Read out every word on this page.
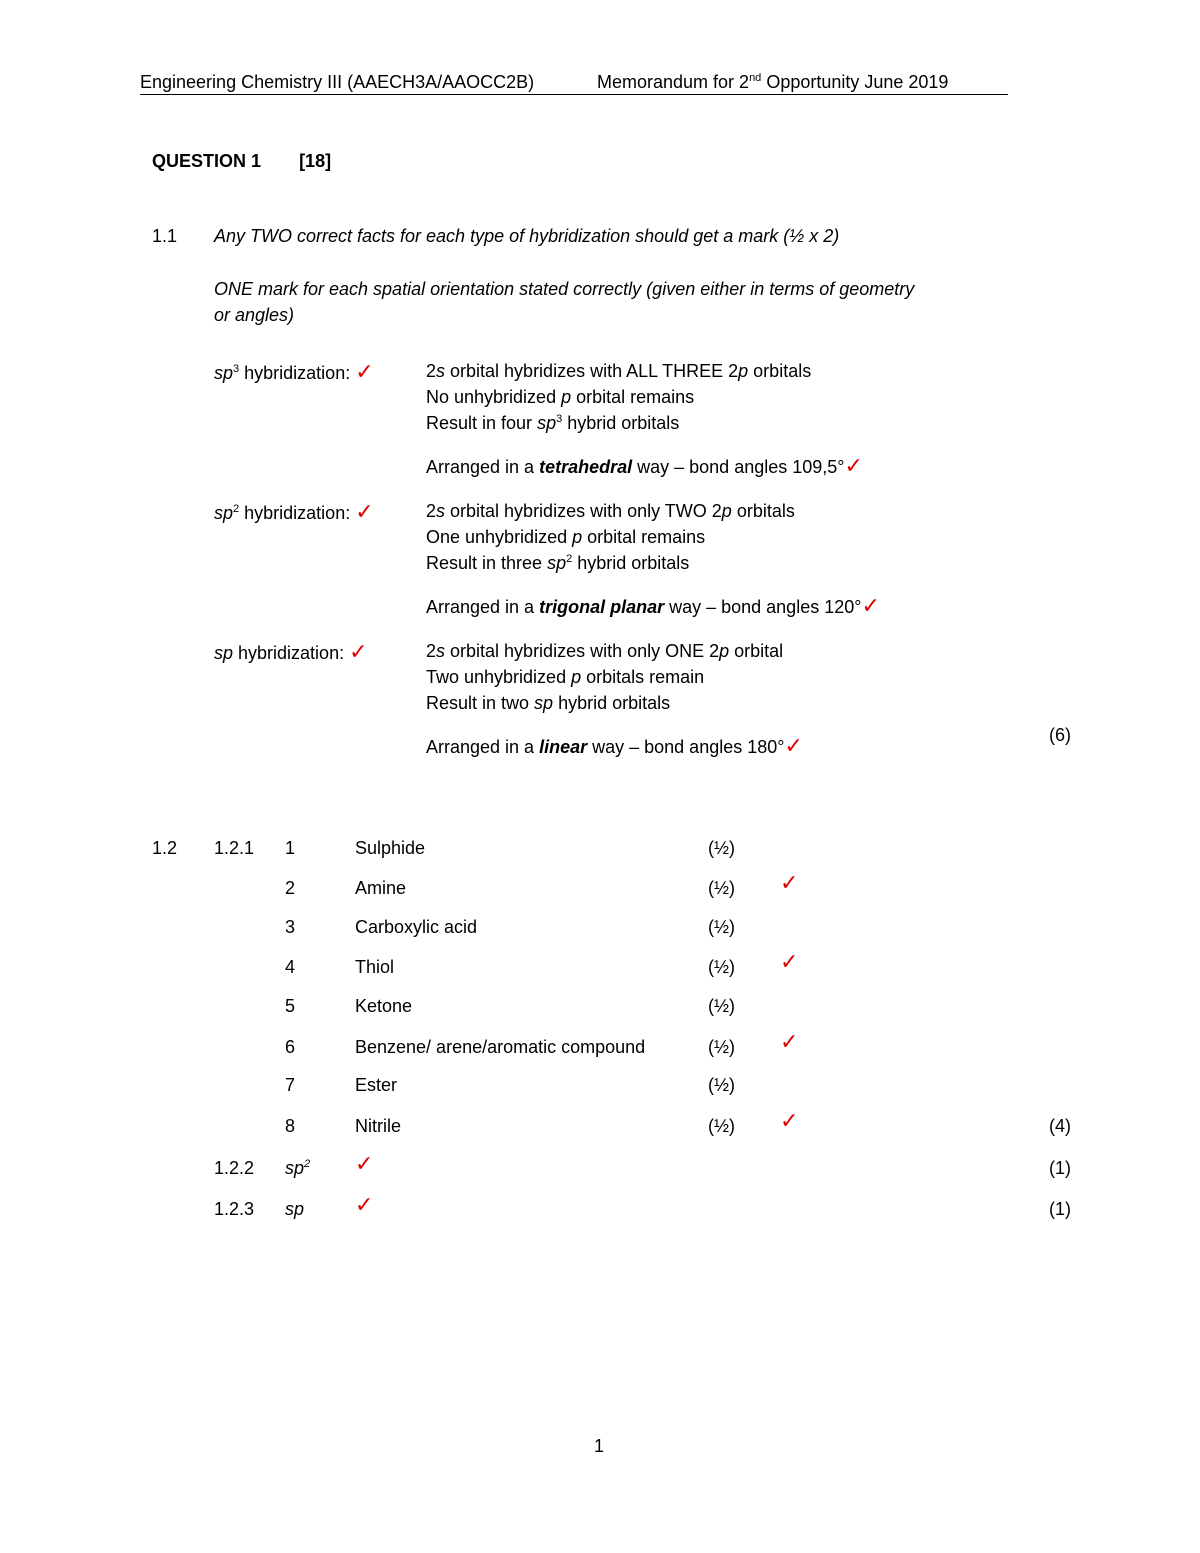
Engineering Chemistry III (AAECH3A/AAOCC2B)	Memorandum for 2nd Opportunity June 2019
QUESTION 1 [18]
1.1 Any TWO correct facts for each type of hybridization should get a mark (½ x 2)
ONE mark for each spatial orientation stated correctly (given either in terms of geometry
or angles)
$sp^3$ hybridization: ✓	2s orbital hybridizes with ALL THREE 2p orbitals
No unhybridized p orbital remains
Result in four $sp^3$ hybrid orbitals
Arranged in a tetrahedral way – bond angles 109,5°✓
$sp^2$ hybridization: ✓	2s orbital hybridizes with only TWO 2p orbitals
One unhybridized p orbital remains
Result in three $sp^2$ hybrid orbitals
Arranged in a trigonal planar way – bond angles 120°✓
sp hybridization: ✓	2s orbital hybridizes with only ONE 2p orbital
Two unhybridized p orbitals remain
Result in two sp hybrid orbitals
Arranged in a linear way – bond angles 180°✓	(6)
1.2 1.2.1 1	Sulphide	(½)
2	Amine	(½) ✓
3	Carboxylic acid	(½)
4	Thiol	(½) ✓
5	Ketone	(½)
6	Benzene/ arene/aromatic compound	(½) ✓
7	Ester	(½)
8	Nitrile	(½) ✓	(4)
1.2.2 $sp^2$ ✓	(1)
1.2.3 sp ✓	(1)
1
